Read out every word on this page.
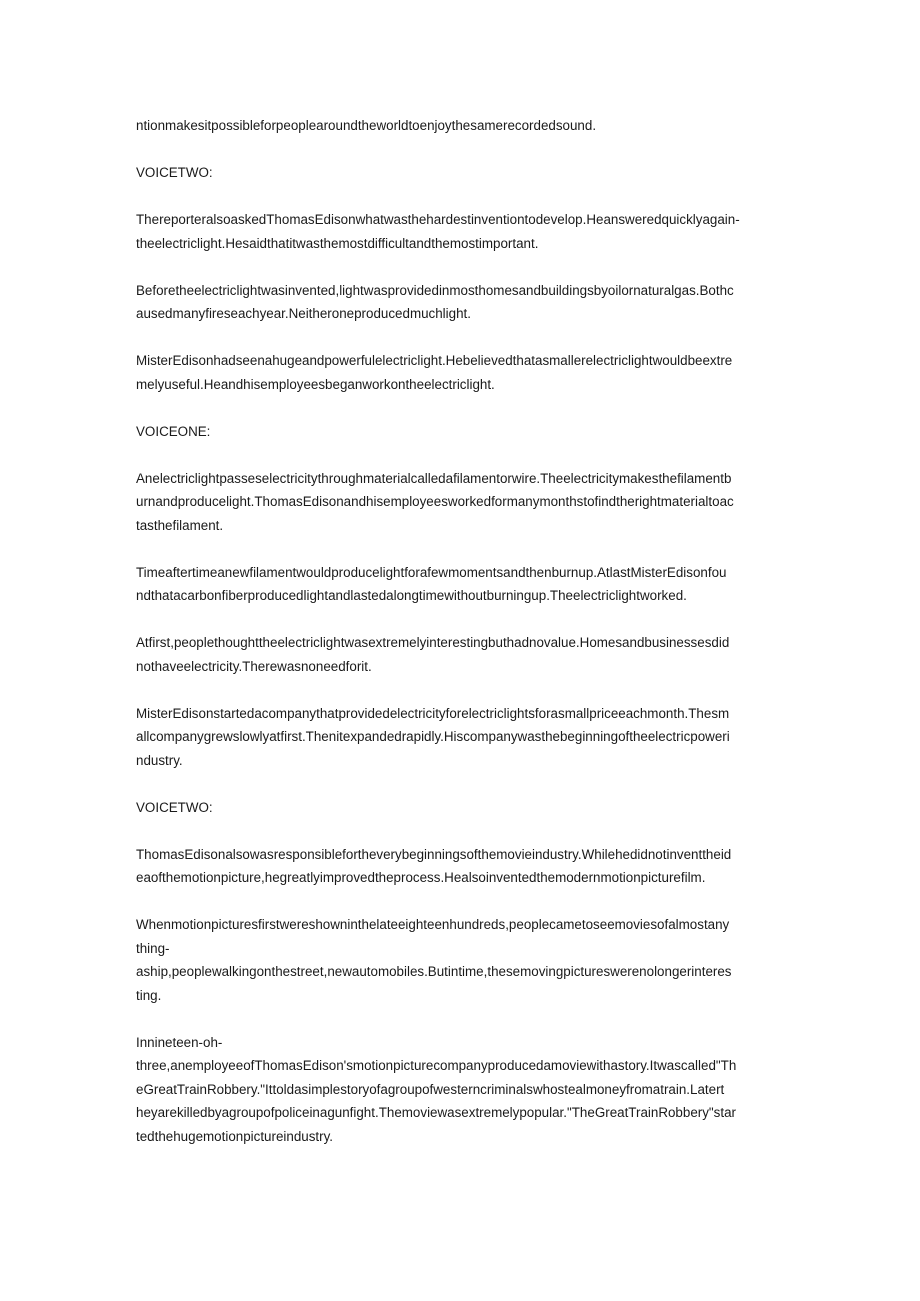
ntionmakesitpossibleforpeoplearoundtheworldtoenjoythesamerecordedsound.

VOICETWO:

ThereporteralsoaskedThomasEdisonwhatwasthehardestinventiontodevelop.Heansweredquicklyagain-
theelectriclight.Hesaidthatitwasthemostdifficultandthemostimportant.

Beforetheelectriclightwasinvented,lightwasprovidedinmosthomesandbuildingsbyoilornaturalgas.Bothc
ausedmanyfireseachyear.Neitheroneproducedmuchlight.

MisterEdisonhadseenahugeandpowerfulelectriclight.Hebelievedthatasmallerelectriclightwouldbeextre
melyuseful.Heandhisemployeesbeganworkontheelectriclight.

VOICEONE:

Anelectriclightpasseselectricitythroughmaterialcalledafilamentorwire.Theelectricitymakesthefilamentb
urnandproducelight.ThomasEdisonandhisemployeesworkedformanymonthstofindtherightmaterialtoac
tasthefilament.

Timeaftertimeanewfilamentwouldproducelightforafewmomentsandthenburnup.AtlastMisterEdisonfou
ndthatacarbonfiberproducedlightandlastedalongtimewithoutburningup.Theelectriclightworked.

Atfirst,peoplethoughttheelectriclightwasextremelyinterestingbuthadnovalue.Homesandbusinessesdid
nothaveelectricity.Therewasnoneedforit.

MisterEdisonstartedacompanythatprovidedelectricityforelectriclightsforasmallpriceeachmonth.Thesm
allcompanygrewslowlyatfirst.Thenitexpandedrapidly.Hiscompanywasthebeginningoftheelectricpoweri
ndustry.

VOICETWO:

ThomasEdisonalsowasresponsiblefortheverybeginningsofthemovieindustry.Whilehedidnotinventtheid
eaofthemotionpicture,hegreatlyimprovedtheprocess.Healsoinventedthemodernmotionpicturefilm.

Whenmotionpicturesfirstwereshowninthelateeighteenhundreds,peoplecametoseemoviesofalmostany
thing-
aship,peoplewalkingonthestreet,newautomobiles.Butintime,thesemovingpictureswerenolongerinteres
ting.

Innineteen-oh-
three,anemployeeofThomasEdison'smotionpicturecompanyproducedamoviewithastory.Itwascalled"Th
eGreatTrainRobbery."Ittoldasimplestoryofagroupofwesterncriminalswhostealmoneyfromatrain.Latert
heyarekilledbyagroupofpoliceinagunfight.Themoviewasextremelypopular."TheGreatTrainRobbery"star
tedthehugemotionpictureindustry.
